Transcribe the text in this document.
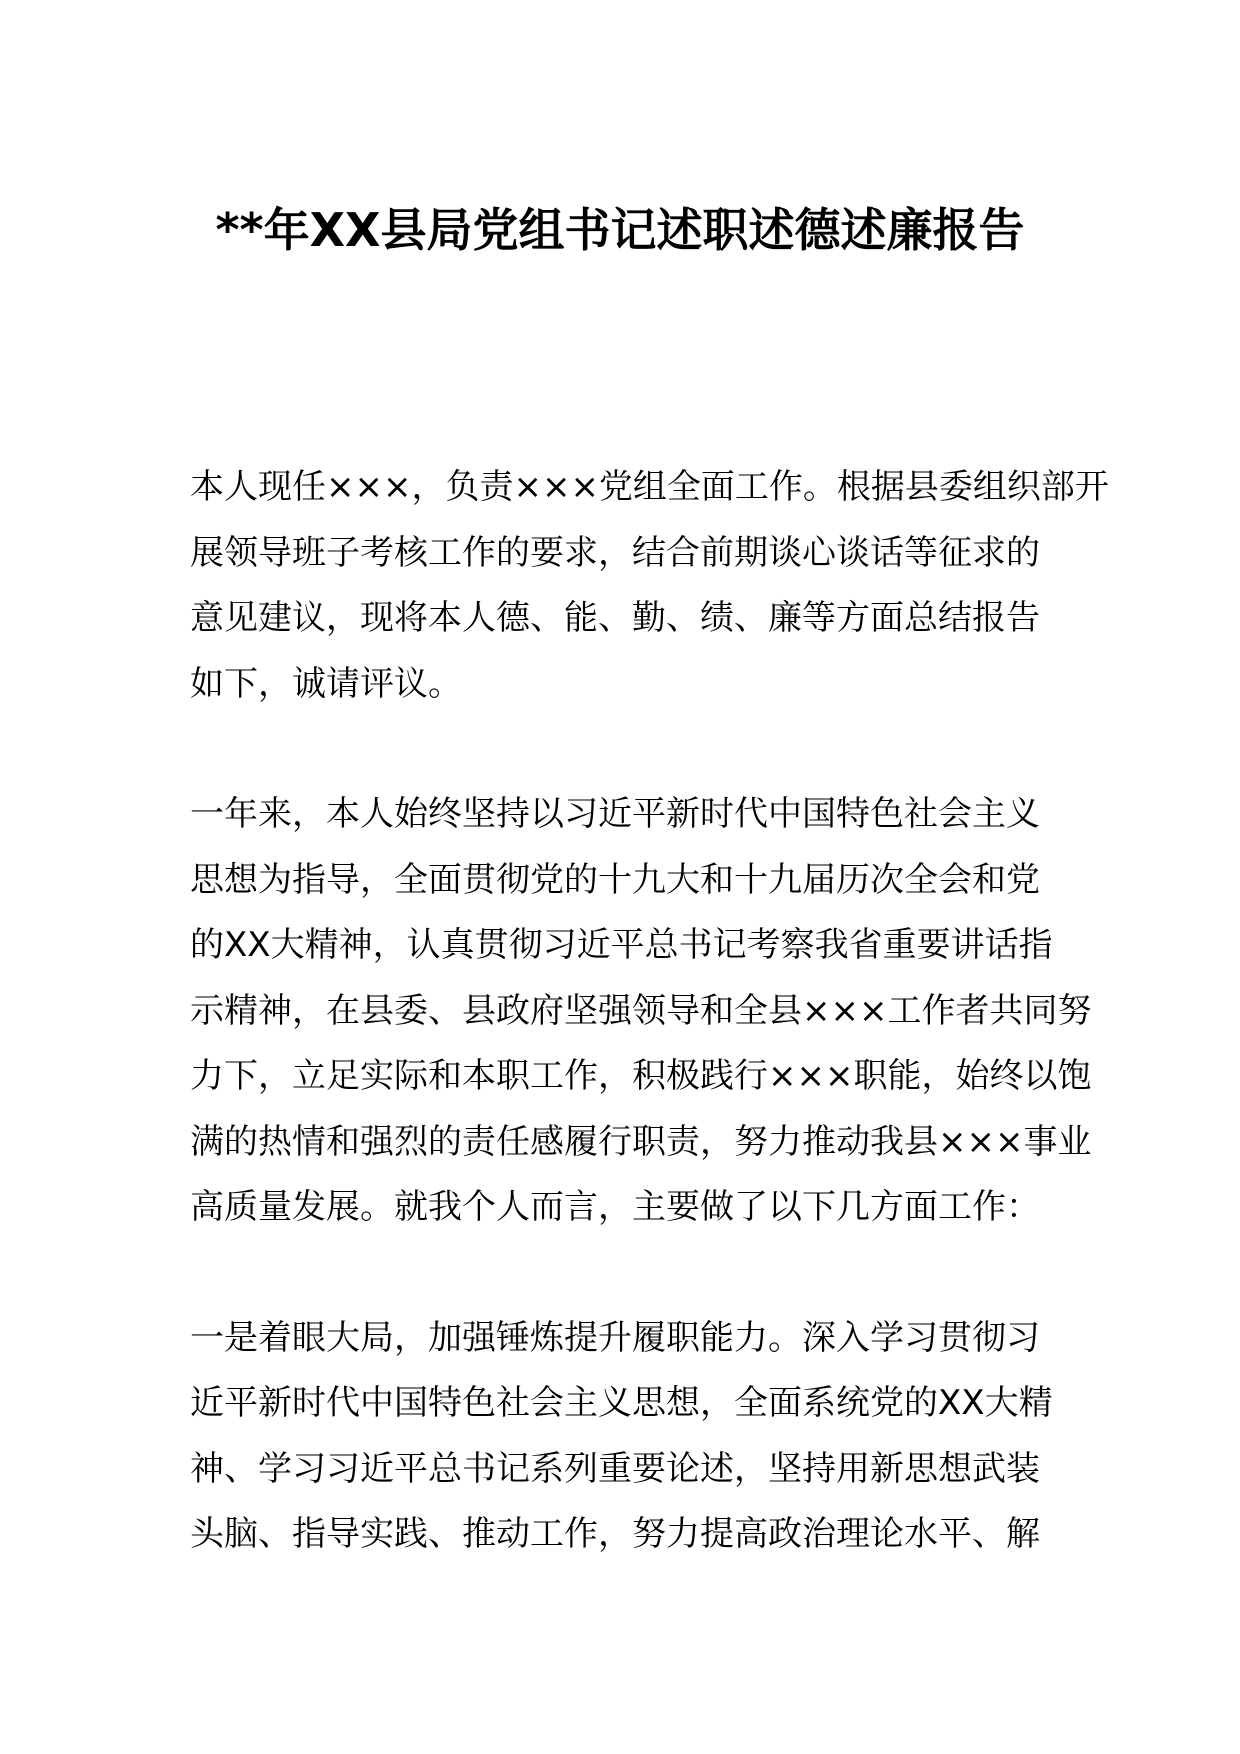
**年XX县局党组书记述职述德述廉报告

本人现任×××，负责×××党组全面工作。根据县委组织部开
展领导班子考核工作的要求，结合前期谈心谈话等征求的
意见建议，现将本人德、能、勤、绩、廉等方面总结报告
如下，诚请评议。

一年来，本人始终坚持以习近平新时代中国特色社会主义
思想为指导，全面贯彻党的十九大和十九届历次全会和党
的XX大精神，认真贯彻习近平总书记考察我省重要讲话指
示精神，在县委、县政府坚强领导和全县×××工作者共同努
力下，立足实际和本职工作，积极践行×××职能，始终以饱
满的热情和强烈的责任感履行职责，努力推动我县×××事业
高质量发展。就我个人而言，主要做了以下几方面工作：

一是着眼大局，加强锤炼提升履职能力。深入学习贯彻习
近平新时代中国特色社会主义思想，全面系统党的XX大精
神、学习习近平总书记系列重要论述，坚持用新思想武装
头脑、指导实践、推动工作，努力提高政治理论水平、解
